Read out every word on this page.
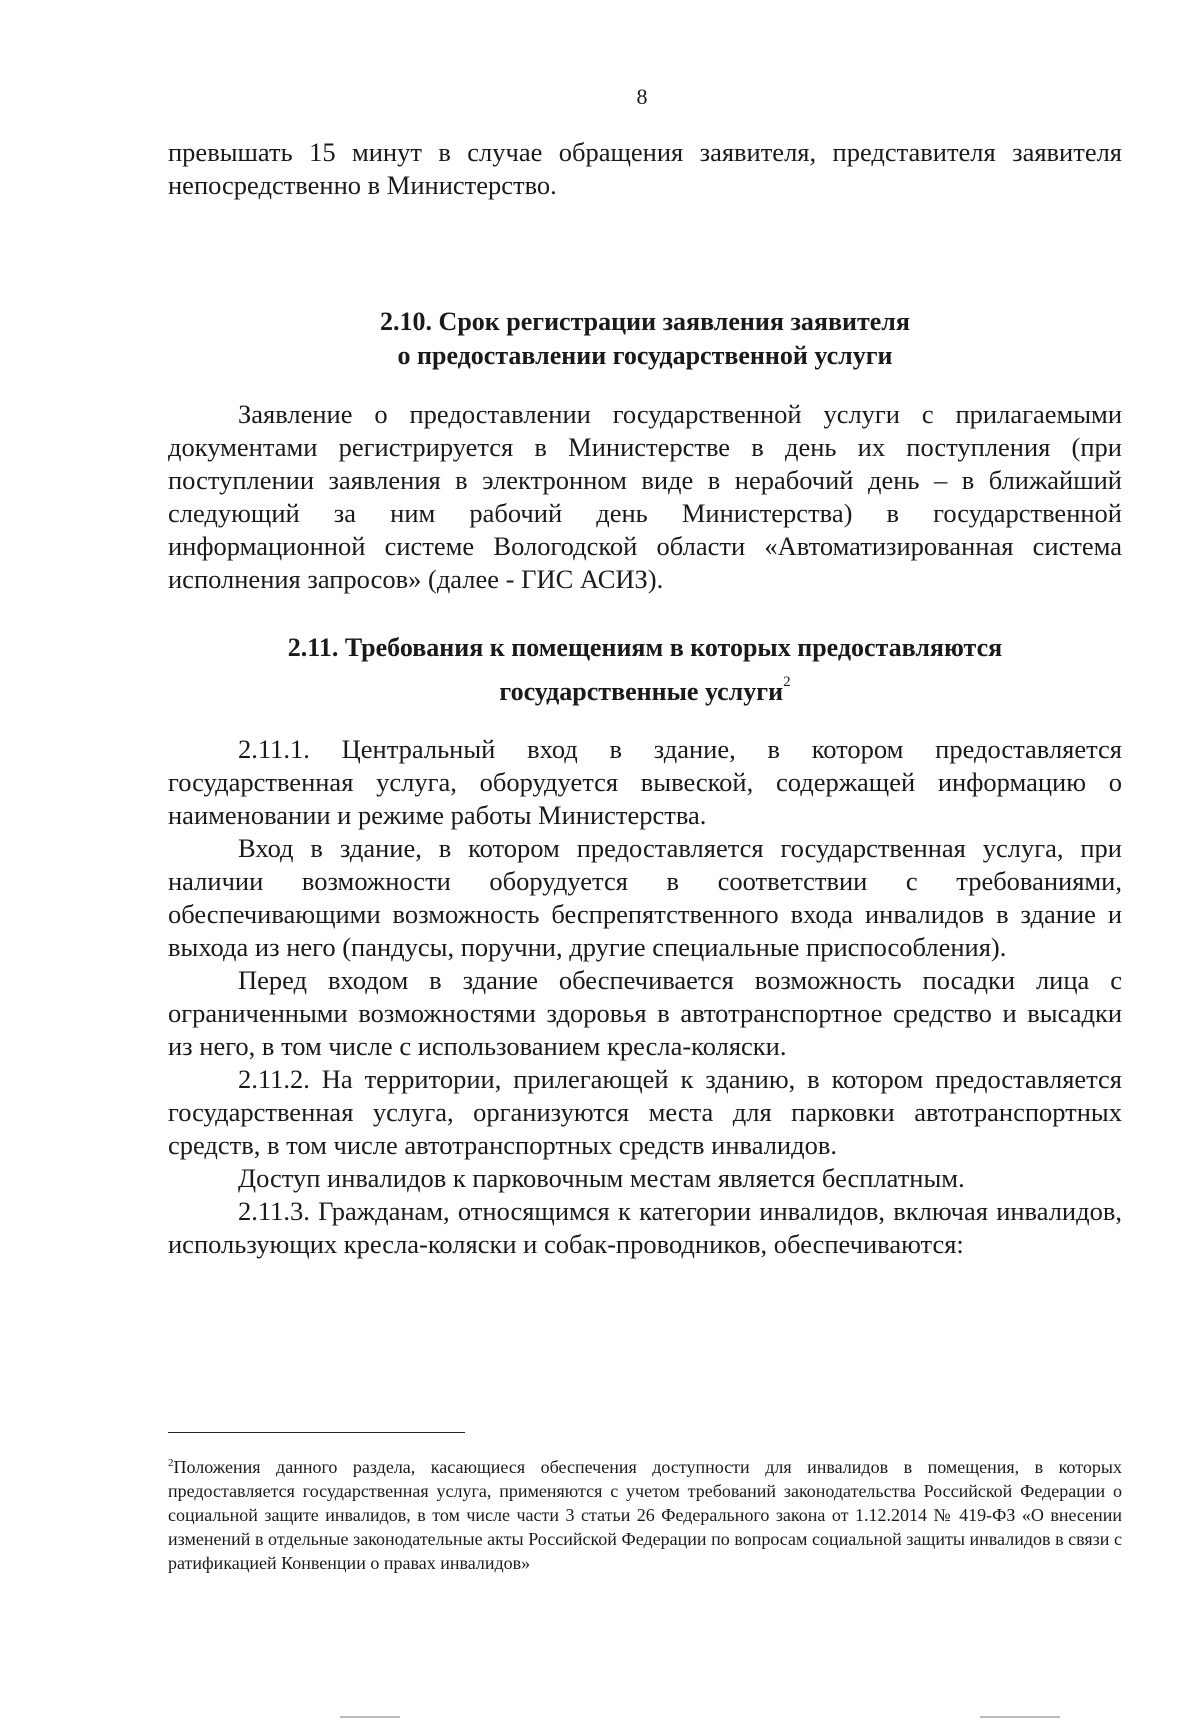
8
превышать 15 минут в случае обращения заявителя, представителя заявителя непосредственно в Министерство.
2.10. Срок регистрации заявления заявителя
о предоставлении государственной услуги

Заявление о предоставлении государственной услуги с прилагаемыми документами регистрируется в Министерстве в день их поступления (при поступлении заявления в электронном виде в нерабочий день – в ближайший следующий за ним рабочий день Министерства) в государственной информационной системе Вологодской области «Автоматизированная система исполнения запросов» (далее - ГИС АСИЗ).

2.11. Требования к помещениям в которых предоставляются
государственные услуги$^2$

2.11.1. Центральный вход в здание, в котором предоставляется государственная услуга, оборудуется вывеской, содержащей информацию о наименовании и режиме работы Министерства.

Вход в здание, в котором предоставляется государственная услуга, при наличии возможности оборудуется в соответствии с требованиями, обеспечивающими возможность беспрепятственного входа инвалидов в здание и выхода из него (пандусы, поручни, другие специальные приспособления).

Перед входом в здание обеспечивается возможность посадки лица с ограниченными возможностями здоровья в автотранспортное средство и высадки из него, в том числе с использованием кресла-коляски.

2.11.2. На территории, прилегающей к зданию, в котором предоставляется государственная услуга, организуются места для парковки автотранспортных средств, в том числе автотранспортных средств инвалидов.

Доступ инвалидов к парковочным местам является бесплатным.

2.11.3. Гражданам, относящимся к категории инвалидов, включая инвалидов, использующих кресла-коляски и собак-проводников, обеспечиваются:

$^2$Положения данного раздела, касающиеся обеспечения доступности для инвалидов в помещения, в которых предоставляется государственная услуга, применяются с учетом требований законодательства Российской Федерации о социальной защите инвалидов, в том числе части 3 статьи 26 Федерального закона от 1.12.2014 № 419-ФЗ «О внесении изменений в отдельные законодательные акты Российской Федерации по вопросам социальной защиты инвалидов в связи с ратификацией Конвенции о правах инвалидов»
